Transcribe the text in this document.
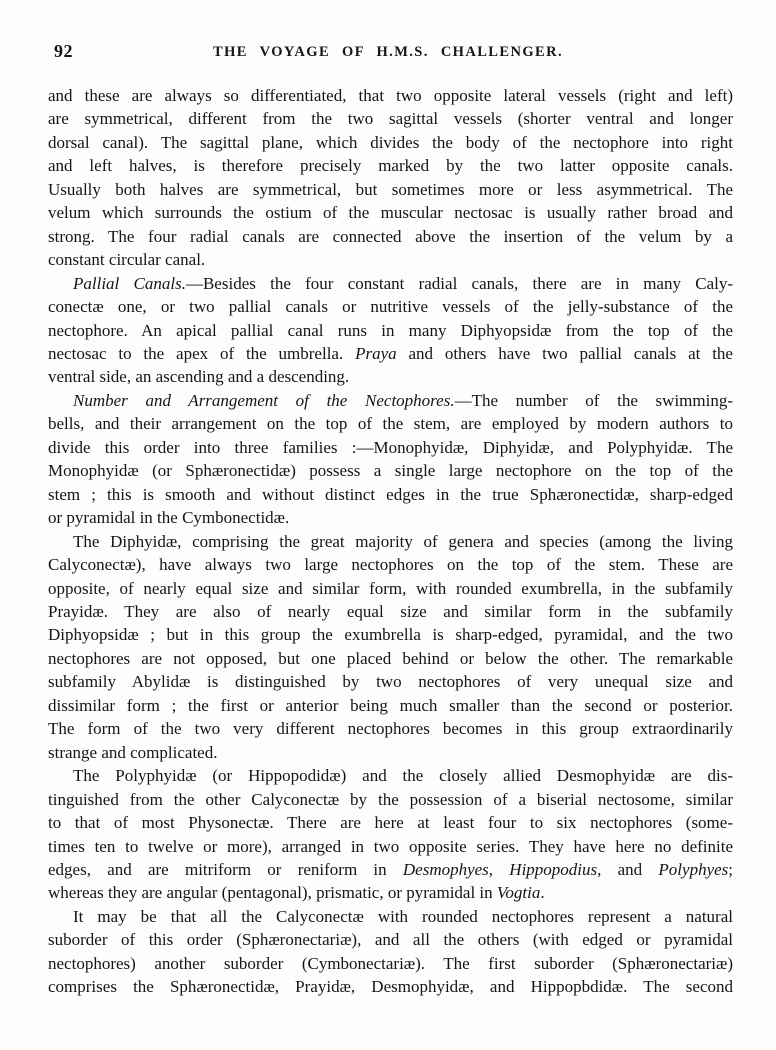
92	THE VOYAGE OF H.M.S. CHALLENGER.
and these are always so differentiated, that two opposite lateral vessels (right and left)
are symmetrical, different from the two sagittal vessels (shorter ventral and longer
dorsal canal). The sagittal plane, which divides the body of the nectophore into right
and left halves, is therefore precisely marked by the two latter opposite canals.
Usually both halves are symmetrical, but sometimes more or less asymmetrical. The
velum which surrounds the ostium of the muscular nectosac is usually rather broad and
strong. The four radial canals are connected above the insertion of the velum by a
constant circular canal.
Pallial Canals.—Besides the four constant radial canals, there are in many Caly-
conectæ one, or two pallial canals or nutritive vessels of the jelly-substance of the
nectophore. An apical pallial canal runs in many Diphyopsidæ from the top of the
nectosac to the apex of the umbrella. Praya and others have two pallial canals at the
ventral side, an ascending and a descending.
Number and Arrangement of the Nectophores.—The number of the swimming-
bells, and their arrangement on the top of the stem, are employed by modern authors to
divide this order into three families :—Monophyidæ, Diphyidæ, and Polyphyidæ. The
Monophyidæ (or Sphæronectidæ) possess a single large nectophore on the top of the
stem ; this is smooth and without distinct edges in the true Sphæronectidæ, sharp-edged
or pyramidal in the Cymbonectidæ.
The Diphyidæ, comprising the great majority of genera and species (among the living
Calyconectæ), have always two large nectophores on the top of the stem. These are
opposite, of nearly equal size and similar form, with rounded exumbrella, in the subfamily
Prayidæ. They are also of nearly equal size and similar form in the subfamily
Diphyopsidæ ; but in this group the exumbrella is sharp-edged, pyramidal, and the two
nectophores are not opposed, but one placed behind or below the other. The remarkable
subfamily Abylidæ is distinguished by two nectophores of very unequal size and
dissimilar form ; the first or anterior being much smaller than the second or posterior.
The form of the two very different nectophores becomes in this group extraordinarily
strange and complicated.
The Polyphyidæ (or Hippopodidæ) and the closely allied Desmophyidæ are dis-
tinguished from the other Calyconectæ by the possession of a biserial nectosome, similar
to that of most Physonectæ. There are here at least four to six nectophores (some-
times ten to twelve or more), arranged in two opposite series. They have here no definite
edges, and are mitriform or reniform in Desmophyes, Hippopodius, and Polyphyes;
whereas they are angular (pentagonal), prismatic, or pyramidal in Vogtia.
It may be that all the Calyconectæ with rounded nectophores represent a natural
suborder of this order (Sphæronectariæ), and all the others (with edged or pyramidal
nectophores) another suborder (Cymbonectariæ). The first suborder (Sphæronectariæ)
comprises the Sphæronectidæ, Prayidæ, Desmophyidæ, and Hippopbdidæ. The second
